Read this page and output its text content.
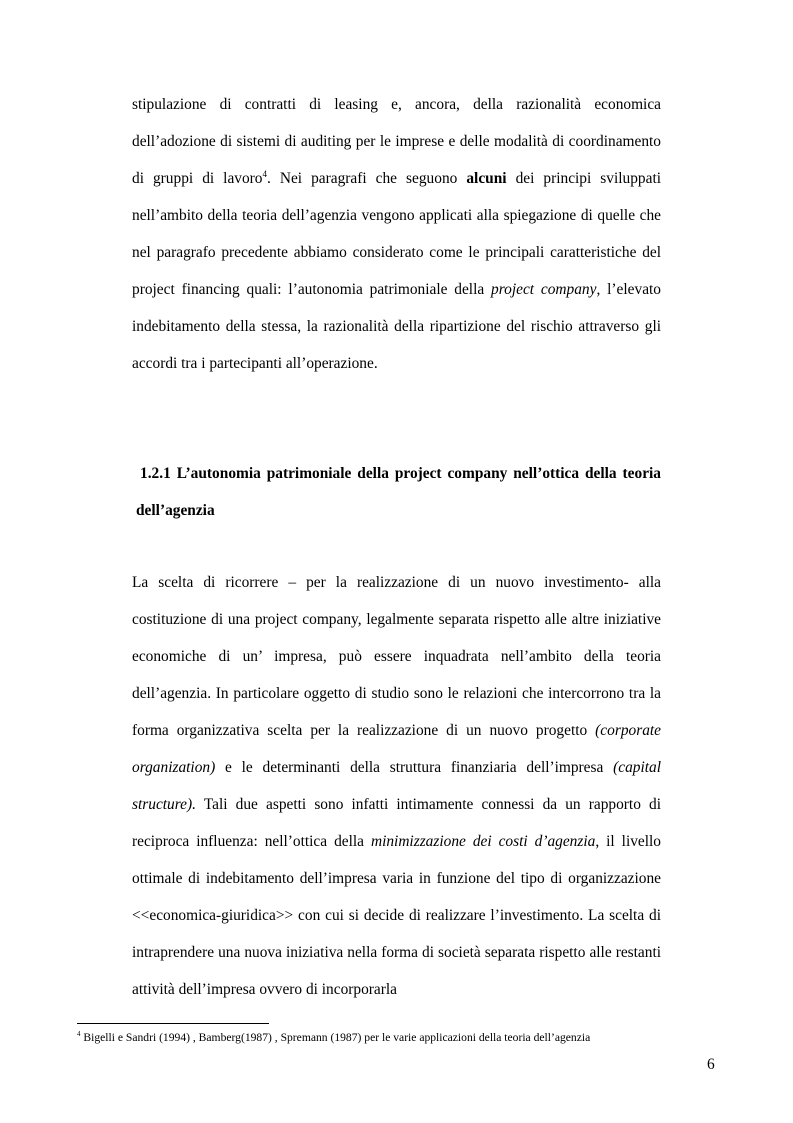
stipulazione di contratti di leasing e, ancora, della razionalità economica dell’adozione di sistemi di auditing per le imprese e delle modalità di coordinamento di gruppi di lavoro$^4$. Nei paragrafi che seguono alcuni dei principi sviluppati nell’ambito della teoria dell’agenzia vengono applicati alla spiegazione di quelle che nel paragrafo precedente abbiamo considerato come le principali caratteristiche del project financing quali: l’autonomia patrimoniale della project company, l’elevato indebitamento della stessa, la razionalità della ripartizione del rischio attraverso gli accordi tra i partecipanti all’operazione.

1.2.1 L’autonomia patrimoniale della project company nell’ottica della teoria dell’agenzia

La scelta di ricorrere – per la realizzazione di un nuovo investimento- alla costituzione di una project company, legalmente separata rispetto alle altre iniziative economiche di un’ impresa, può essere inquadrata nell’ambito della teoria dell’agenzia. In particolare oggetto di studio sono le relazioni che intercorrono tra la forma organizzativa scelta per la realizzazione di un nuovo progetto (corporate organization) e le determinanti della struttura finanziaria dell’impresa (capital structure). Tali due aspetti sono infatti intimamente connessi da un rapporto di reciproca influenza: nell’ottica della minimizzazione dei costi d’agenzia, il livello ottimale di indebitamento dell’impresa varia in funzione del tipo di organizzazione <<economica-giuridica>> con cui si decide di realizzare l’investimento. La scelta di intraprendere una nuova iniziativa nella forma di società separata rispetto alle restanti attività dell’impresa ovvero di incorporarla

$^4$ Bigelli e Sandri (1994) , Bamberg(1987) , Spremann (1987) per le varie applicazioni della teoria dell’agenzia

6
